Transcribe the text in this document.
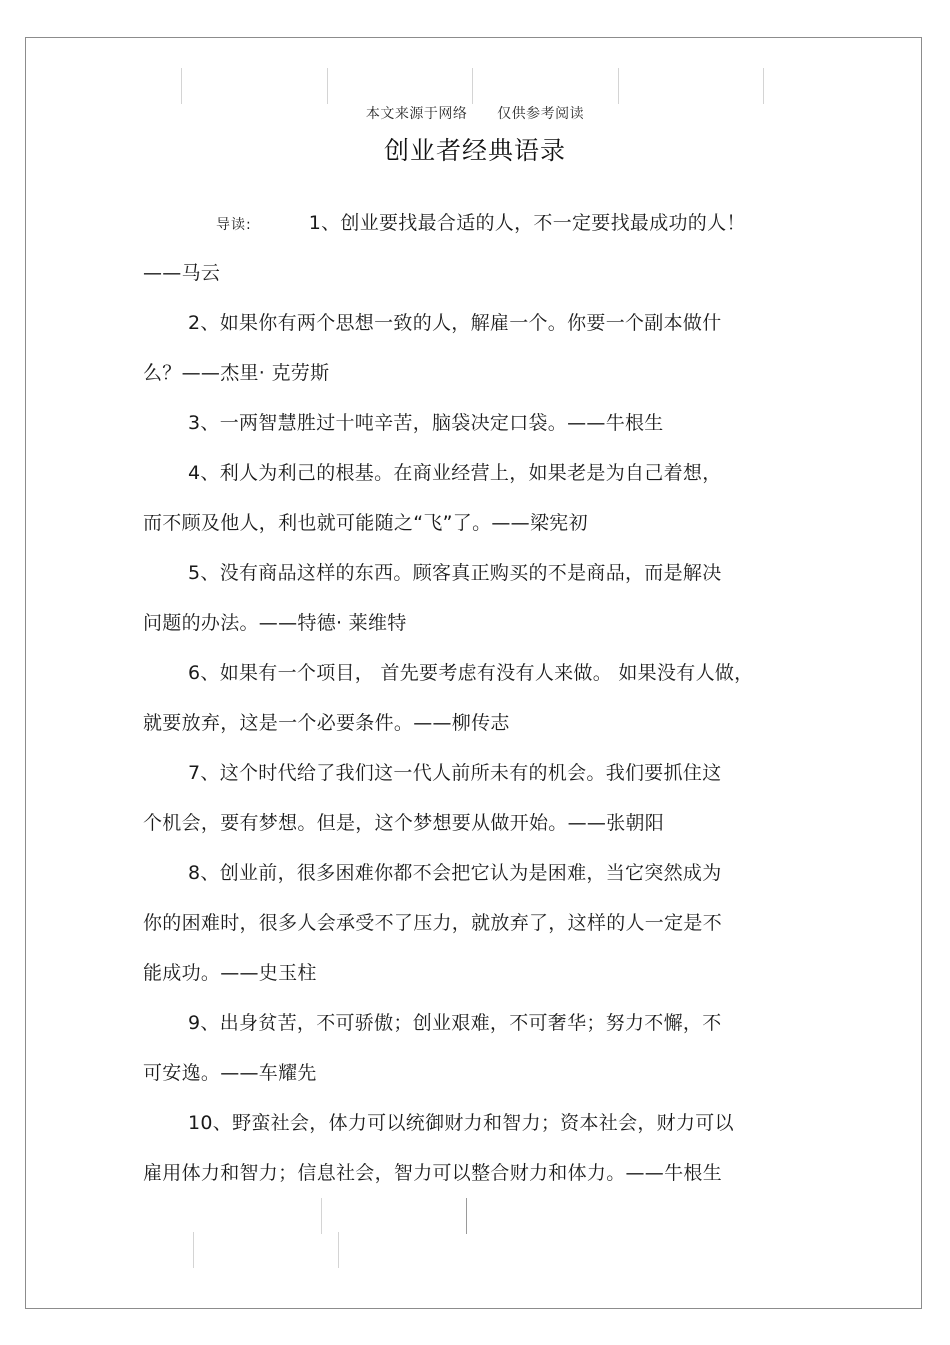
本文来源于网络      仅供参考阅读
创业者经典语录
导读:	1、创业要找最合适的人，不一定要找最成功的人！
——马云
2、如果你有两个思想一致的人，解雇一个。你要一个副本做什
么？——杰里· 克劳斯
3、一两智慧胜过十吨辛苦，脑袋决定口袋。——牛根生
4、利人为利己的根基。在商业经营上，如果老是为自己着想，
而不顾及他人，利也就可能随之“飞”了。——梁宪初
5、没有商品这样的东西。顾客真正购买的不是商品，而是解决
问题的办法。——特德· 莱维特
6、如果有一个项目， 首先要考虑有没有人来做。 如果没有人做，
就要放弃，这是一个必要条件。——柳传志
7、这个时代给了我们这一代人前所未有的机会。我们要抓住这
个机会，要有梦想。但是，这个梦想要从做开始。——张朝阳
8、创业前，很多困难你都不会把它认为是困难，当它突然成为
你的困难时，很多人会承受不了压力，就放弃了，这样的人一定是不
能成功。——史玉柱
9、出身贫苦，不可骄傲；创业艰难，不可奢华；努力不懈，不
可安逸。——车耀先
10、野蛮社会，体力可以统御财力和智力；资本社会，财力可以
雇用体力和智力；信息社会，智力可以整合财力和体力。——牛根生
